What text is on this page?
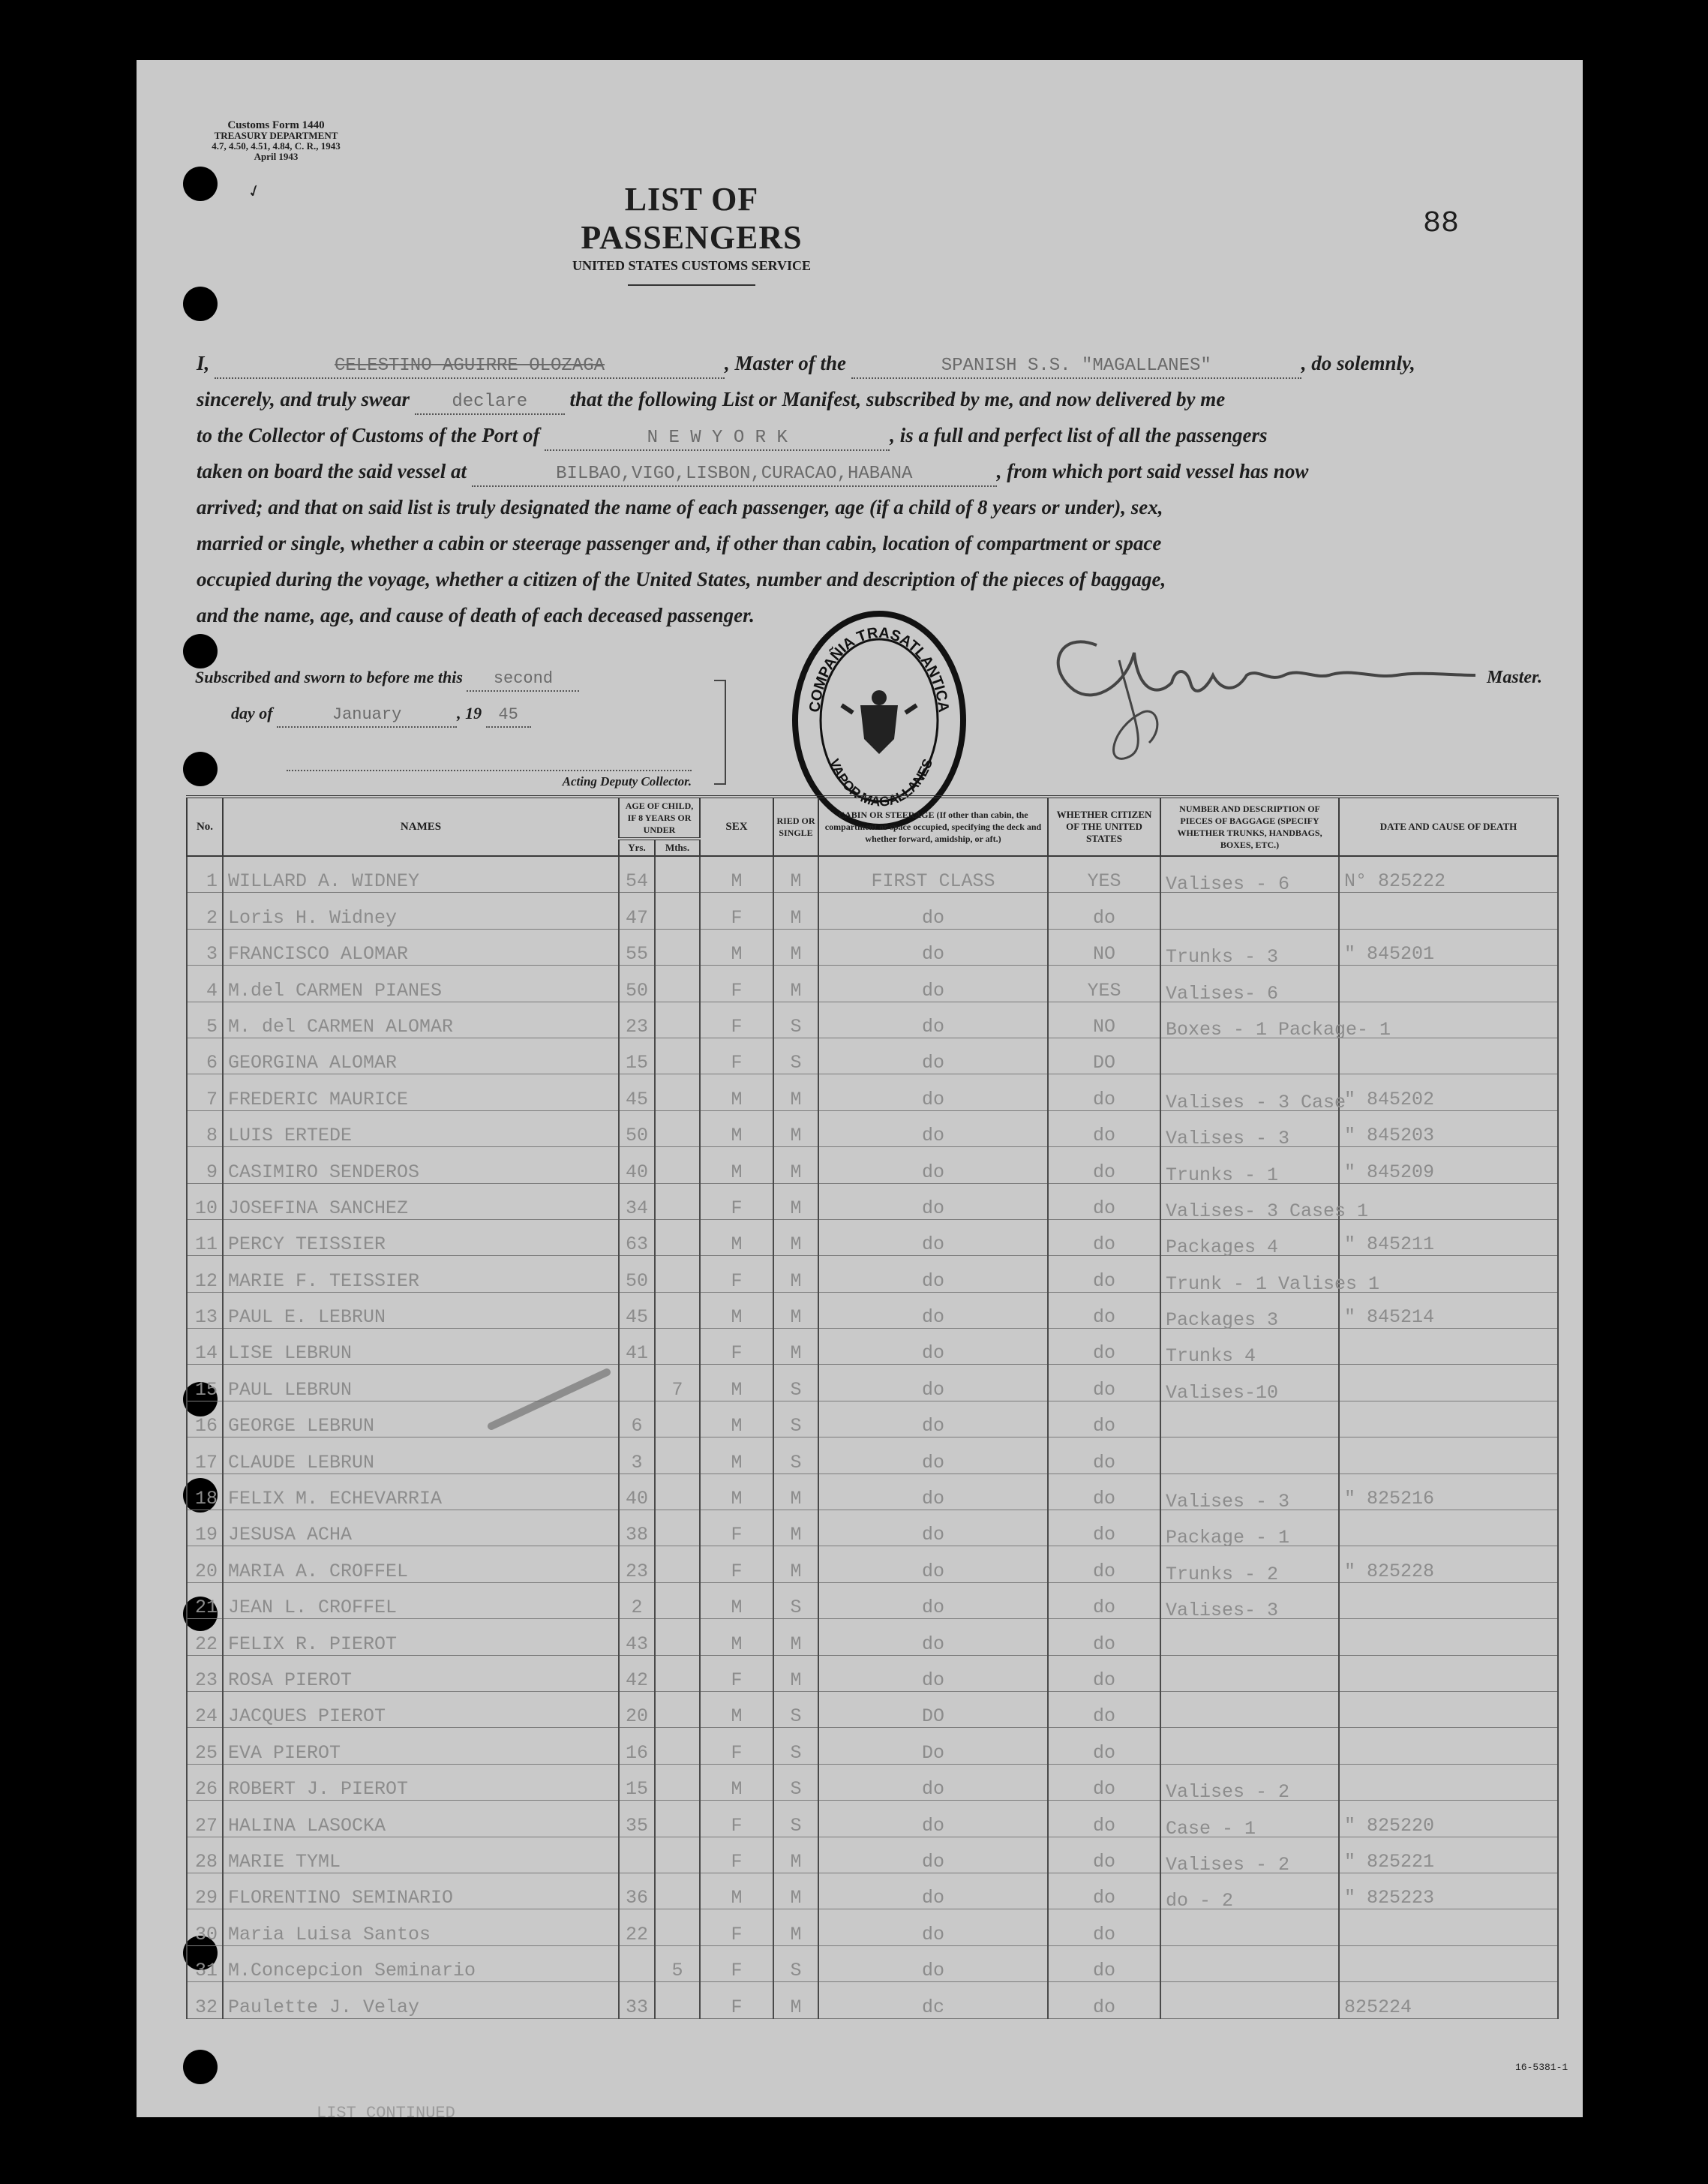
Customs Form 1440
TREASURY DEPARTMENT
4.7, 4.50, 4.51, 4.84, C. R., 1943
April 1943
✓	LIST OF PASSENGERS
UNITED STATES CUSTOMS SERVICE
88
I,	CELESTINO AGUIRRE OLOZAGA	, Master of the	SPANISH S.S. "MAGALLANES"	, do solemnly,
sincerely, and truly swear declare that the following List or Manifest, subscribed by me, and now delivered by me
to the Collector of Customs of the Port of	N E W Y O R K	, is a full and perfect list of all the passengers
taken on board the said vessel at	BILBAO,VIGO,LISBON,CURACAO,HABANA	, from which port said vessel has now
arrived; and that on said list is truly designated the name of each passenger, age (if a child of 8 years or under), sex,
married or single, whether a cabin or steerage passenger and, if other than cabin, location of compartment or space
occupied during the voyage, whether a citizen of the United States, number and description of the pieces of baggage,
and the name, age, and cause of death of each deceased passenger.
Subscribed and sworn to before me this second
day of	January	, 19 45
Acting Deputy Collector.
Master.
COMPAÑIA TRASATLANTICA
VAPOR MAGALLANES
No.	NAMES	AGE OF CHILD, IF 8 YEARS OR UNDER		SEX	RIED OR SINGLE	CABIN OR STEERAGE (If other than cabin, the compartment or space occupied, specifying the deck and whether forward, amidship, or aft.)	WHETHER CITIZEN OF THE UNITED STATES	NUMBER AND DESCRIPTION OF PIECES OF BAGGAGE (SPECIFY WHETHER TRUNKS, HANDBAGS, BOXES, ETC.)	DATE AND CAUSE OF DEATH
		Yrs.	Mths.						
1	WILLARD A. WIDNEY	54		M	M	FIRST CLASS	YES	Valises - 6	N° 825222
2	Loris H. Widney	47		F	M	do	do		
3	FRANCISCO ALOMAR	55		M	M	do	NO	Trunks - 3	" 845201
4	M.del CARMEN PIANES	50		F	M	do	YES	Valises- 6	
5	M. del CARMEN ALOMAR	23		F	S	do	NO	Boxes - 1 Package- 1	
6	GEORGINA ALOMAR	15		F	S	do	DO		
7	FREDERIC MAURICE	45		M	M	do	do	Valises - 3 Case	" 845202
8	LUIS ERTEDE	50		M	M	do	do	Valises - 3	" 845203
9	CASIMIRO SENDEROS	40		M	M	do	do	Trunks - 1	" 845209
10	JOSEFINA SANCHEZ	34		F	M	do	do	Valises- 3 Cases 1	
11	PERCY TEISSIER	63		M	M	do	do	Packages 4	" 845211
12	MARIE F. TEISSIER	50		F	M	do	do	Trunk - 1 Valises 1	
13	PAUL E. LEBRUN	45		M	M	do	do	Packages 3	" 845214
14	LISE LEBRUN	41		F	M	do	do	Trunks 4	
15	PAUL LEBRUN		7	M	S	do	do	Valises-10	
16	GEORGE LEBRUN	6		M	S	do	do		
17	CLAUDE LEBRUN	3		M	S	do	do		
18	FELIX M. ECHEVARRIA	40		M	M	do	do	Valises - 3	" 825216
19	JESUSA ACHA	38		F	M	do	do	Package - 1	
20	MARIA A. CROFFEL	23		F	M	do	do	Trunks - 2	" 825228
21	JEAN L. CROFFEL	2		M	S	do	do	Valises- 3	
22	FELIX R. PIEROT	43		M	M	do	do		
23	ROSA PIEROT	42		F	M	do	do		
24	JACQUES PIEROT	20		M	S	DO	do		
25	EVA PIEROT	16		F	S	Do	do		
26	ROBERT J. PIEROT	15		M	S	do	do	Valises - 2	
27	HALINA LASOCKA	35		F	S	do	do	Case - 1	" 825220
28	MARIE TYML			F	M	do	do	Valises - 2	" 825221
29	FLORENTINO SEMINARIO	36		M	M	do	do	do - 2	" 825223
30	Maria Luisa Santos	22		F	M	do	do		
31	M.Concepcion Seminario		5	F	S	do	do		
32	Paulette J. Velay	33		F	M	dc	do		825224
16-5381-1
LIST CONTINUED
